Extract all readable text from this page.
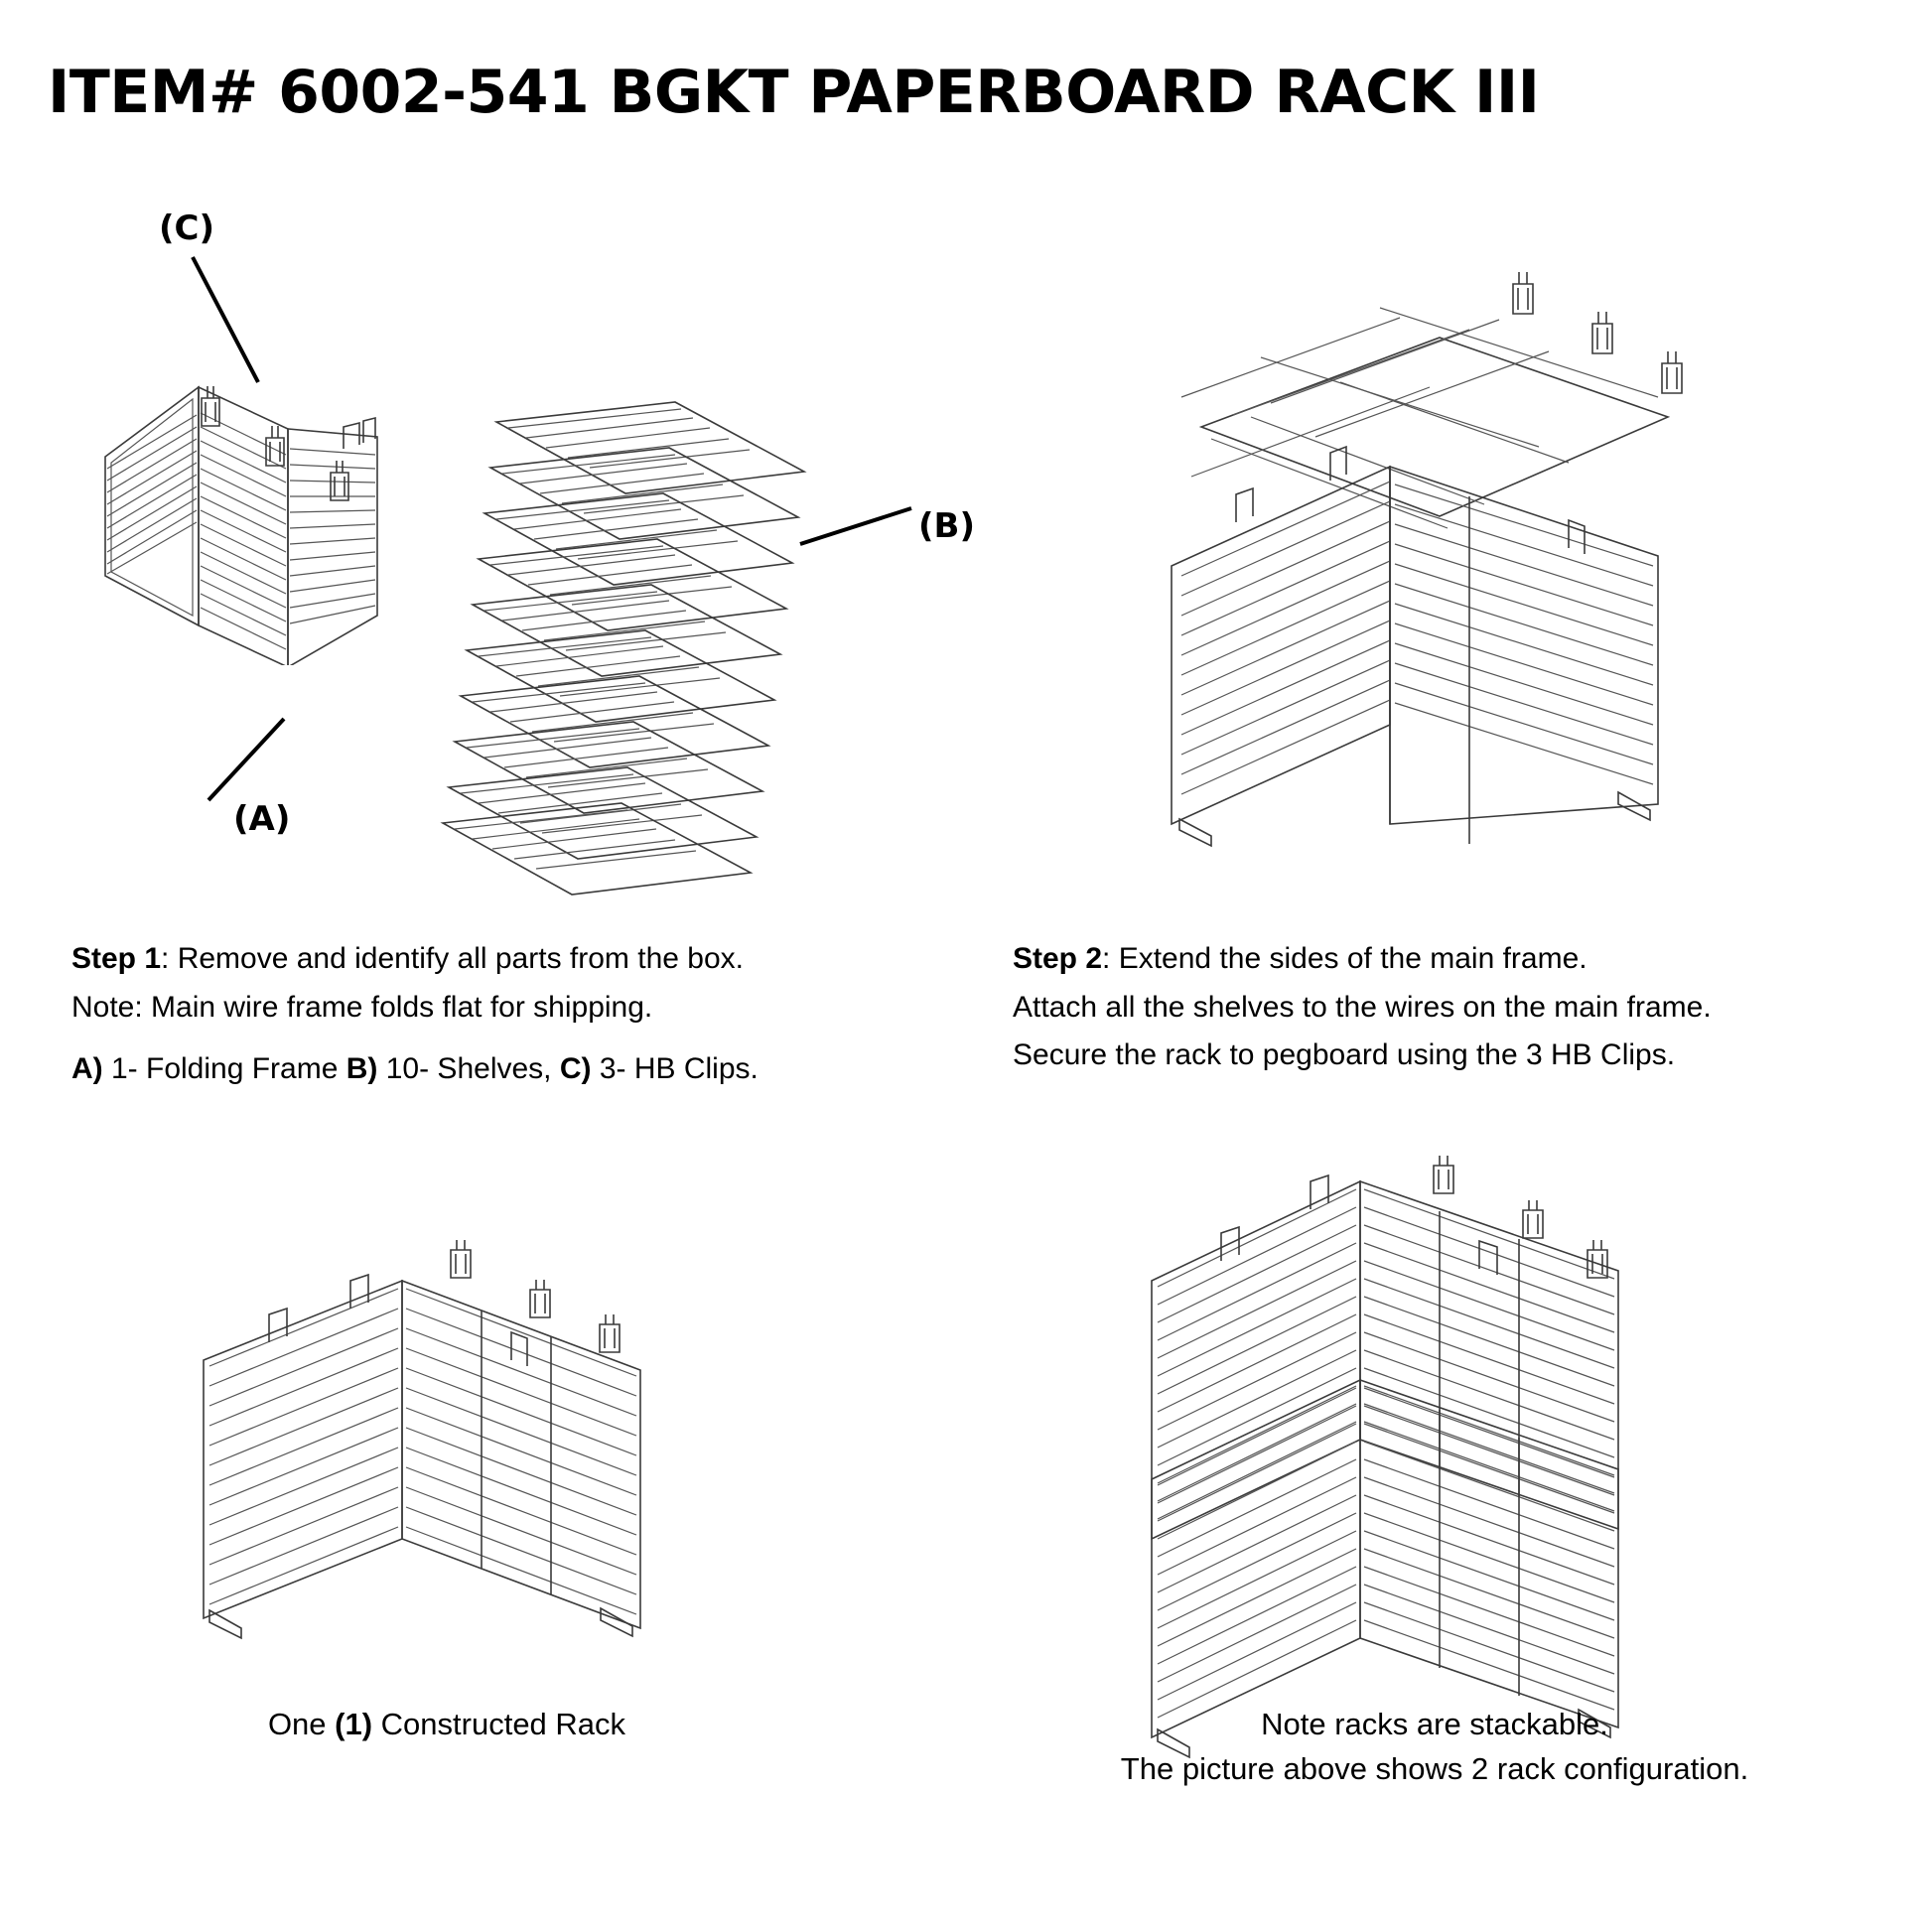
ITEM# 6002-541 BGKT PAPERBOARD RACK III
(C)
(A)
(B)

Step 1: Remove and identify all parts from the box.

Note: Main wire frame folds flat for shipping.

A) 1- Folding Frame B) 10- Shelves, C) 3- HB Clips.

Step 2: Extend the sides of the main frame.

Attach all the shelves to the wires on the main frame.

Secure the rack to pegboard using the 3 HB Clips.

One (1) Constructed Rack	Note racks are stackable.
The picture above shows 2 rack configuration.
